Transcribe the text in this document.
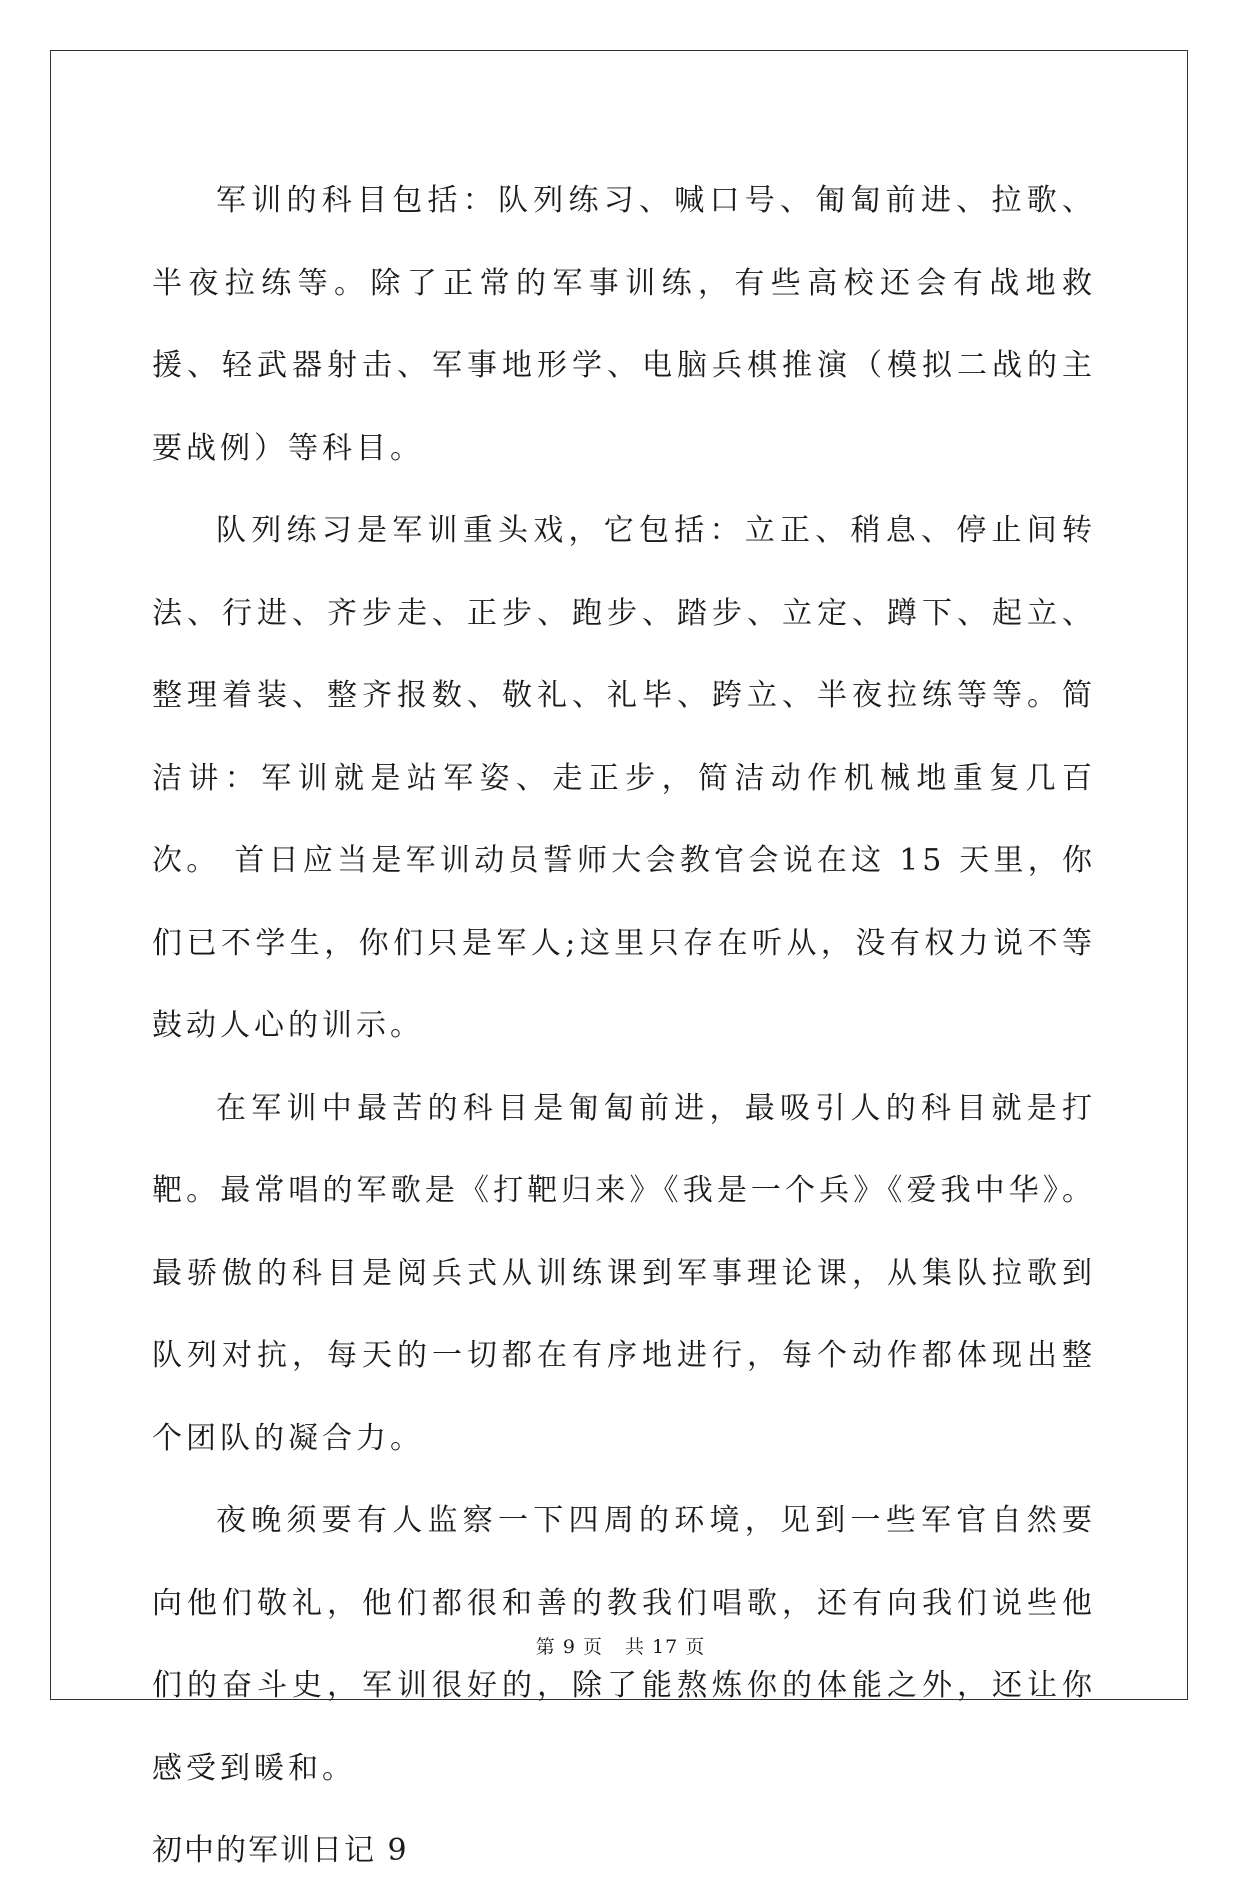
军训的科目包括：队列练习、喊口号、匍匐前进、拉歌、半夜拉练等。除了正常的军事训练，有些高校还会有战地救援、轻武器射击、军事地形学、电脑兵棋推演（模拟二战的主要战例）等科目。

队列练习是军训重头戏，它包括：立正、稍息、停止间转法、行进、齐步走、正步、跑步、踏步、立定、蹲下、起立、整理着装、整齐报数、敬礼、礼毕、跨立、半夜拉练等等。简洁讲：军训就是站军姿、走正步，简洁动作机械地重复几百次。 首日应当是军训动员誓师大会教官会说在这 15 天里，你们已不学生，你们只是军人;这里只存在听从，没有权力说不等鼓动人心的训示。

在军训中最苦的科目是匍匐前进，最吸引人的科目就是打靶。最常唱的军歌是《打靶归来》《我是一个兵》《爱我中华》。最骄傲的科目是阅兵式从训练课到军事理论课，从集队拉歌到队列对抗，每天的一切都在有序地进行，每个动作都体现出整个团队的凝合力。

夜晚须要有人监察一下四周的环境，见到一些军官自然要向他们敬礼，他们都很和善的教我们唱歌，还有向我们说些他们的奋斗史，军训很好的，除了能熬炼你的体能之外，还让你感受到暖和。

初中的军训日记 9

第 9 页 共 17 页
